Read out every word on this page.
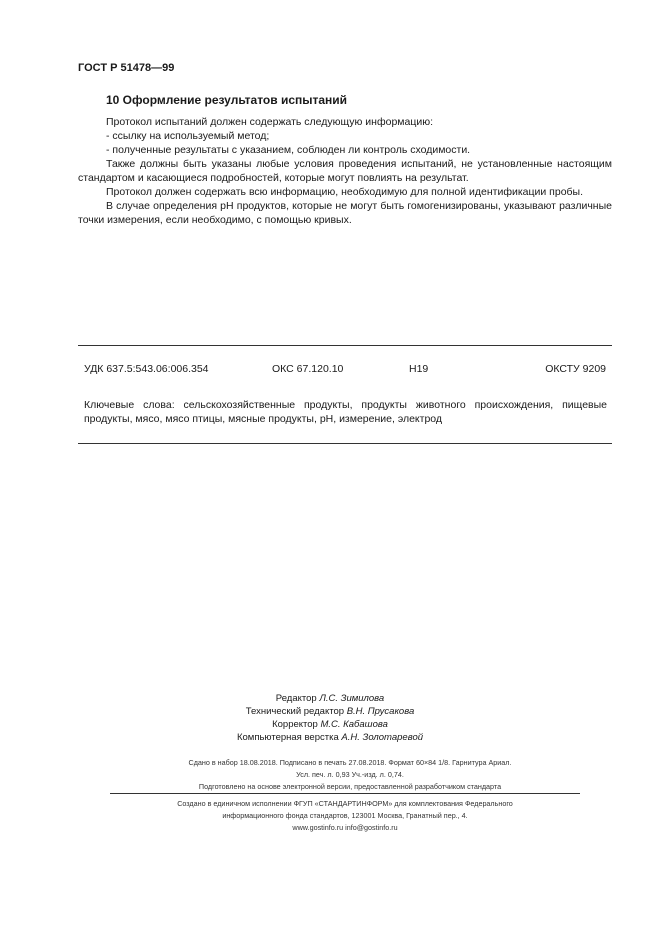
ГОСТ Р 51478—99
10 Оформление результатов испытаний

Протокол испытаний должен содержать следующую информацию:

- ссылку на используемый метод;

- полученные результаты с указанием, соблюден ли контроль сходимости.

Также должны быть указаны любые условия проведения испытаний, не установленные настоящим стандартом и касающиеся подробностей, которые могут повлиять на результат.

Протокол должен содержать всю информацию, необходимую для полной идентификации пробы.

В случае определения pH продуктов, которые не могут быть гомогенизированы, указывают различные точки измерения, если необходимо, с помощью кривых.

УДК 637.5:543.06:006.354	ОКС 67.120.10	Н19	ОКСТУ 9209

Ключевые слова: сельскохозяйственные продукты, продукты животного происхождения, пищевые продукты, мясо, мясо птицы, мясные продукты, pH, измерение, электрод

Редактор Л.С. Зимилова
Технический редактор В.Н. Прусакова
Корректор М.С. Кабашова
Компьютерная верстка А.Н. Золотаревой
Сдано в набор 18.08.2018. Подписано в печать 27.08.2018. Формат 60×84 1/8. Гарнитура Ариал.
Усл. печ. л. 0,93 Уч.-изд. л. 0,74.
Подготовлено на основе электронной версии, предоставленной разработчиком стандарта
Создано в единичном исполнении ФГУП «СТАНДАРТИНФОРМ» для комплектования Федерального
информационного фонда стандартов, 123001 Москва, Гранатный пер., 4.
www.gostinfo.ru info@gostinfo.ru
